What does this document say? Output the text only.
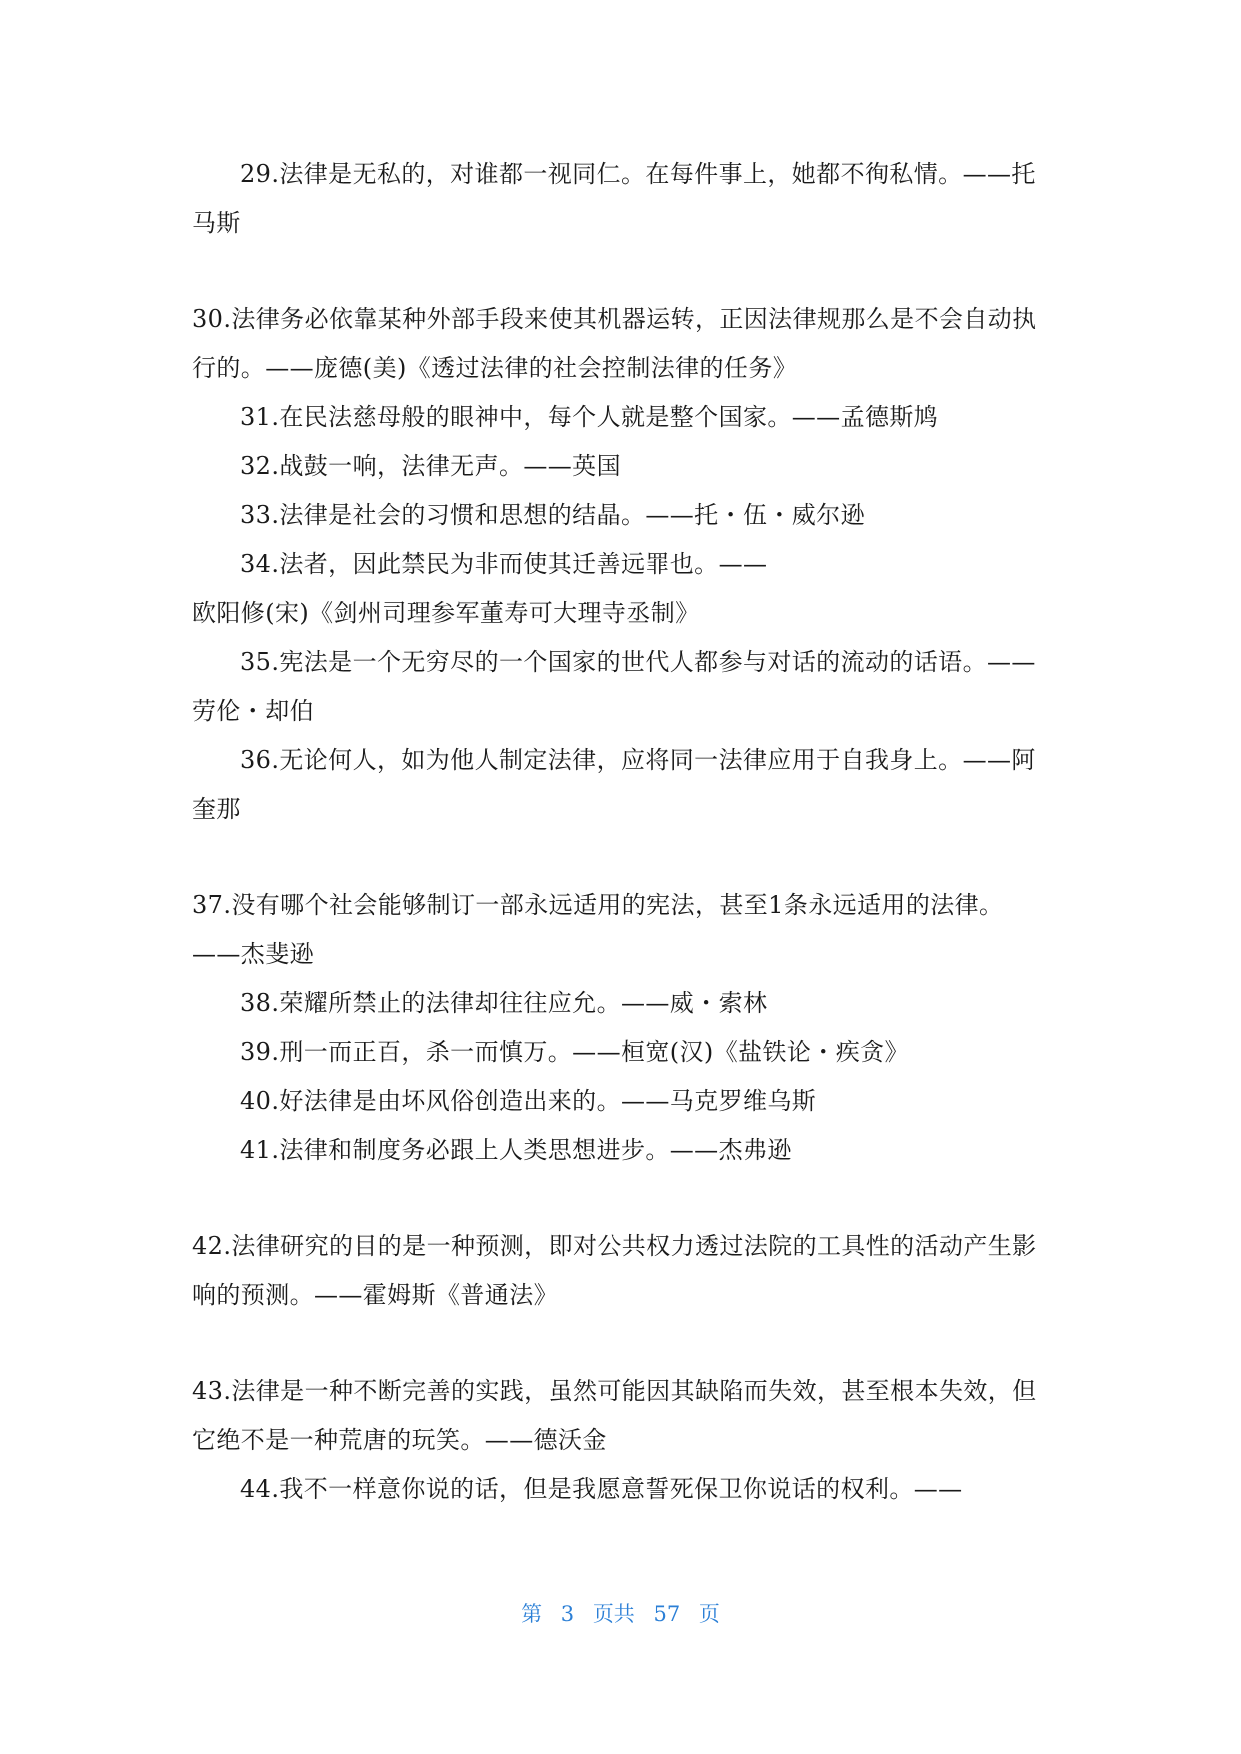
29.法律是无私的，对谁都一视同仁。在每件事上，她都不徇私情。——托马斯

30.法律务必依靠某种外部手段来使其机器运转，正因法律规那么是不会自动执行的。——庞德(美)《透过法律的社会控制法律的任务》

31.在民法慈母般的眼神中，每个人就是整个国家。——孟德斯鸠

32.战鼓一响，法律无声。——英国

33.法律是社会的习惯和思想的结晶。——托・伍・威尔逊

34.法者，因此禁民为非而使其迁善远罪也。——

欧阳修(宋)《剑州司理参军董寿可大理寺丞制》

35.宪法是一个无穷尽的一个国家的世代人都参与对话的流动的话语。——劳伦・却伯

36.无论何人，如为他人制定法律，应将同一法律应用于自我身上。——阿奎那

37.没有哪个社会能够制订一部永远适用的宪法，甚至1条永远适用的法律。——杰斐逊

38.荣耀所禁止的法律却往往应允。——威・索林

39.刑一而正百，杀一而慎万。——桓宽(汉)《盐铁论・疾贪》

40.好法律是由坏风俗创造出来的。——马克罗维乌斯

41.法律和制度务必跟上人类思想进步。——杰弗逊

42.法律研究的目的是一种预测，即对公共权力透过法院的工具性的活动产生影响的预测。——霍姆斯《普通法》

43.法律是一种不断完善的实践，虽然可能因其缺陷而失效，甚至根本失效，但它绝不是一种荒唐的玩笑。——德沃金

44.我不一样意你说的话，但是我愿意誓死保卫你说话的权利。——

第 3 页共 57 页
